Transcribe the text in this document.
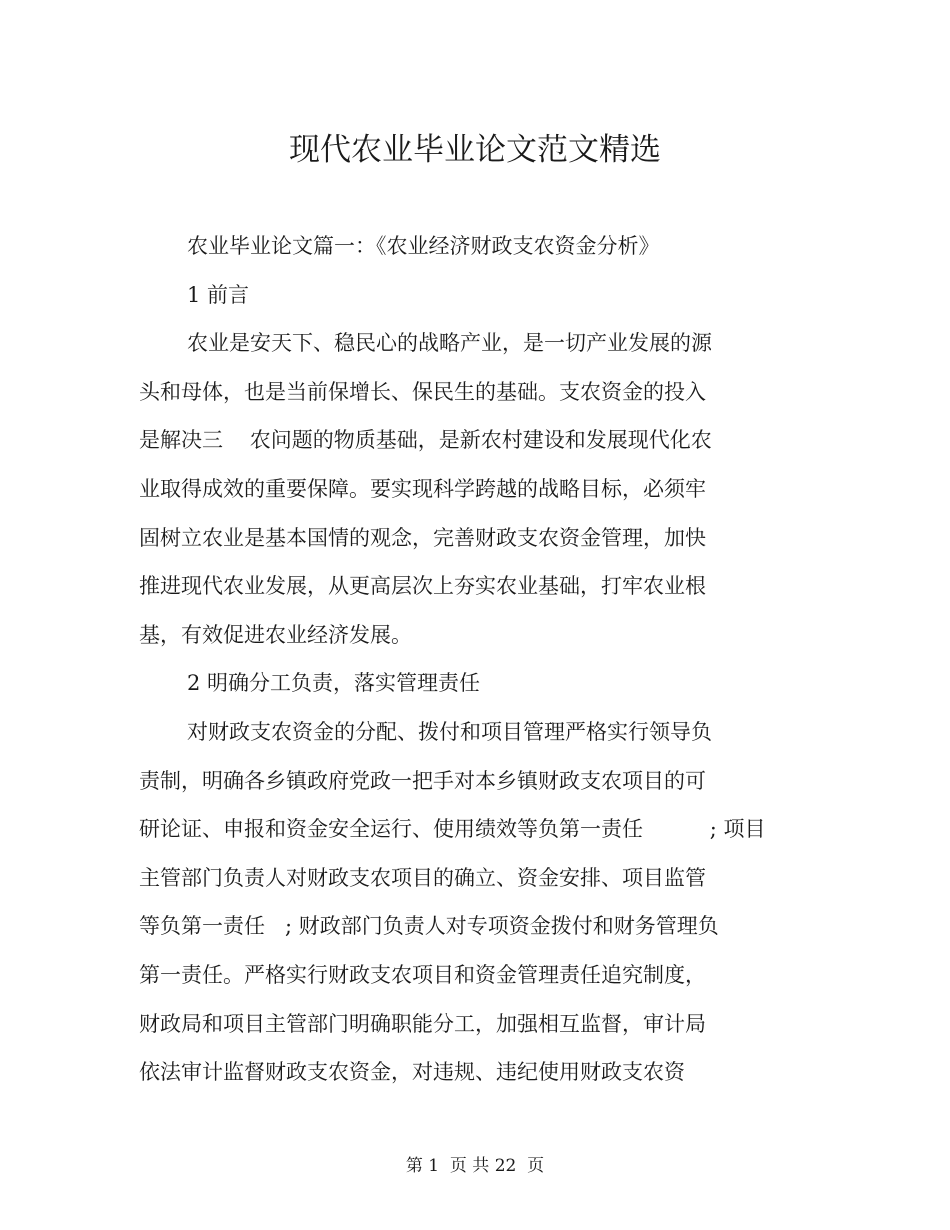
现代农业毕业论文范文精选
农业毕业论文篇一：《农业经济财政支农资金分析》
1 前言
农业是安天下、稳民心的战略产业，是一切产业发展的源
头和母体，也是当前保增长、保民生的基础。支农资金的投入
是解决三    农问题的物质基础，是新农村建设和发展现代化农
业取得成效的重要保障。要实现科学跨越的战略目标，必须牢
固树立农业是基本国情的观念，完善财政支农资金管理，加快
推进现代农业发展，从更高层次上夯实农业基础，打牢农业根
基，有效促进农业经济发展。
2 明确分工负责，落实管理责任
对财政支农资金的分配、拨付和项目管理严格实行领导负
责制，明确各乡镇政府党政一把手对本乡镇财政支农项目的可
研论证、申报和资金安全运行、使用绩效等负第一责任          ; 项目
主管部门负责人对财政支农项目的确立、资金安排、项目监管
等负第一责任   ; 财政部门负责人对专项资金拨付和财务管理负
第一责任。严格实行财政支农项目和资金管理责任追究制度，
财政局和项目主管部门明确职能分工，加强相互监督，审计局
依法审计监督财政支农资金，对违规、违纪使用财政支农资
第 1  页 共 22  页
